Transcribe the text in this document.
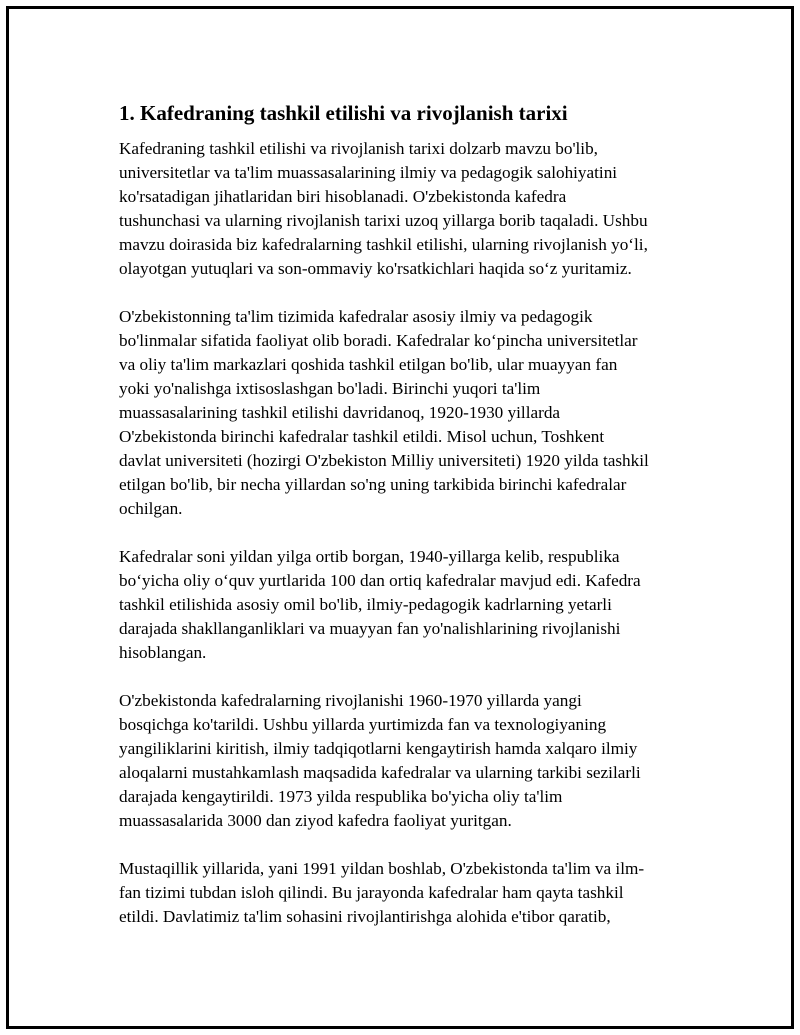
1. Kafedraning tashkil etilishi va rivojlanish tarixi
Kafedraning tashkil etilishi va rivojlanish tarixi dolzarb mavzu bo'lib,
universitetlar va ta'lim muassasalarining ilmiy va pedagogik salohiyatini
ko'rsatadigan jihatlaridan biri hisoblanadi. O'zbekistonda kafedra
tushunchasi va ularning rivojlanish tarixi uzoq yillarga borib taqaladi. Ushbu
mavzu doirasida biz kafedralarning tashkil etilishi, ularning rivojlanish yo‘li,
olayotgan yutuqlari va son-ommaviy ko'rsatkichlari haqida so‘z yuritamiz.
O'zbekistonning ta'lim tizimida kafedralar asosiy ilmiy va pedagogik
bo'linmalar sifatida faoliyat olib boradi. Kafedralar ko‘pincha universitetlar
va oliy ta'lim markazlari qoshida tashkil etilgan bo'lib, ular muayyan fan
yoki yo'nalishga ixtisoslashgan bo'ladi. Birinchi yuqori ta'lim
muassasalarining tashkil etilishi davridanoq, 1920-1930 yillarda
O'zbekistonda birinchi kafedralar tashkil etildi. Misol uchun, Toshkent
davlat universiteti (hozirgi O'zbekiston Milliy universiteti) 1920 yilda tashkil
etilgan bo'lib, bir necha yillardan so'ng uning tarkibida birinchi kafedralar
ochilgan.
Kafedralar soni yildan yilga ortib borgan, 1940-yillarga kelib, respublika
bo‘yicha oliy o‘quv yurtlarida 100 dan ortiq kafedralar mavjud edi. Kafedra
tashkil etilishida asosiy omil bo'lib, ilmiy-pedagogik kadrlarning yetarli
darajada shakllanganliklari va muayyan fan yo'nalishlarining rivojlanishi
hisoblangan.
O'zbekistonda kafedralarning rivojlanishi 1960-1970 yillarda yangi
bosqichga ko'tarildi. Ushbu yillarda yurtimizda fan va texnologiyaning
yangiliklarini kiritish, ilmiy tadqiqotlarni kengaytirish hamda xalqaro ilmiy
aloqalarni mustahkamlash maqsadida kafedralar va ularning tarkibi sezilarli
darajada kengaytirildi. 1973 yilda respublika bo'yicha oliy ta'lim
muassasalarida 3000 dan ziyod kafedra faoliyat yuritgan.
Mustaqillik yillarida, yani 1991 yildan boshlab, O'zbekistonda ta'lim va ilm-
fan tizimi tubdan isloh qilindi. Bu jarayonda kafedralar ham qayta tashkil
etildi. Davlatimiz ta'lim sohasini rivojlantirishga alohida e'tibor qaratib,
